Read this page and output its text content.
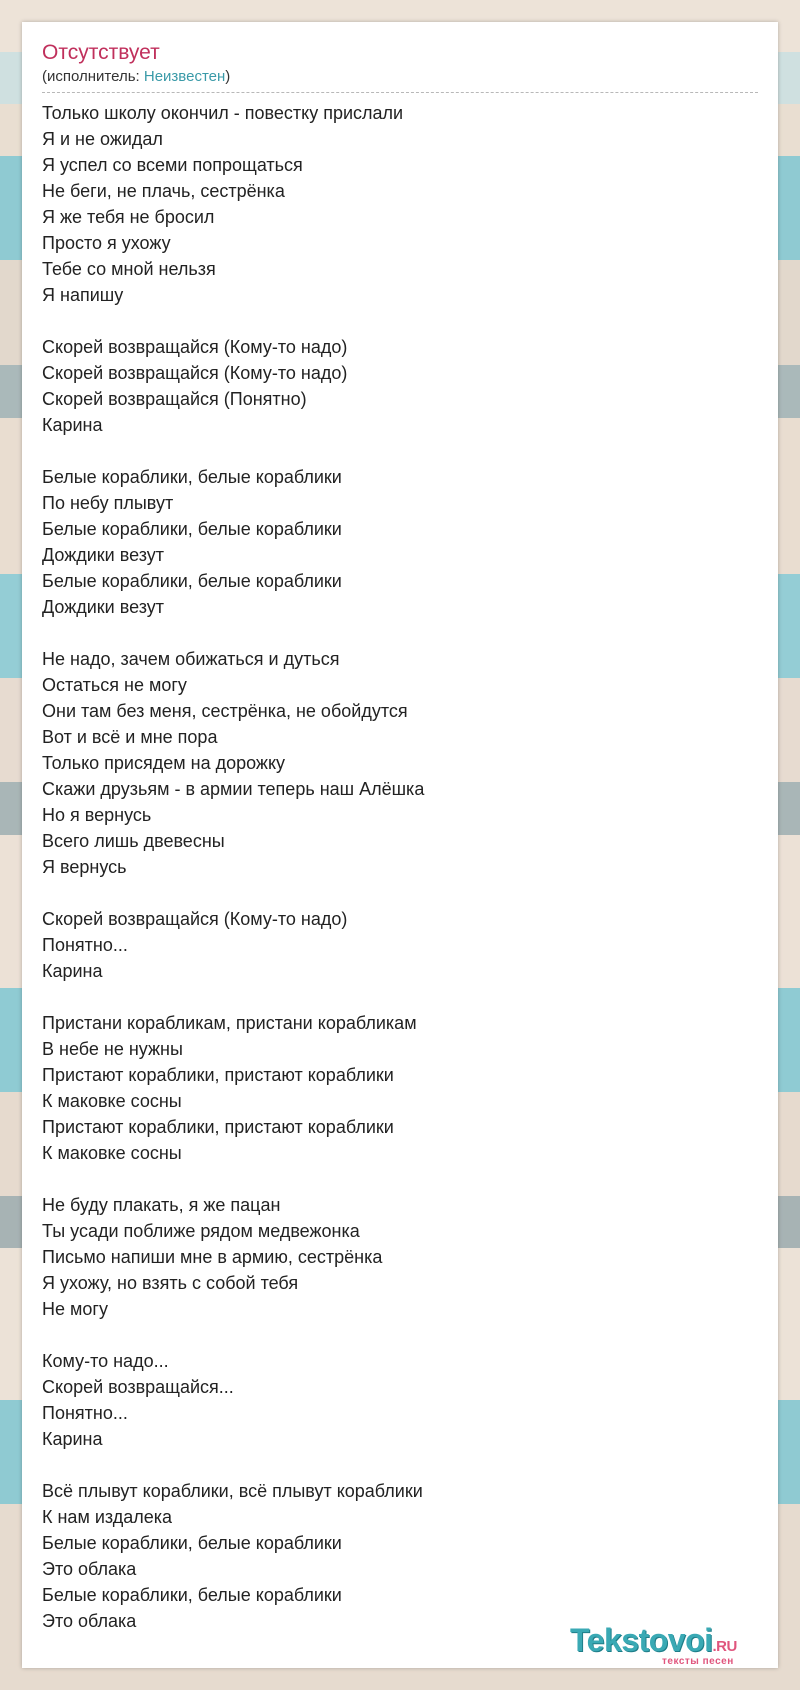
Отсутствует
(исполнитель: Неизвестен)
Только школу окончил - повестку прислали
Я и не ожидал
Я успел со всеми попрощаться
Не беги, не плачь, сестрёнка
Я же тебя не бросил
Просто я ухожу
Тебе со мной нельзя
Я напишу
Скорей возвращайся (Кому-то надо)
Скорей возвращайся (Кому-то надо)
Скорей возвращайся (Понятно)
Карина
Белые кораблики, белые кораблики
По небу плывут
Белые кораблики, белые кораблики
Дождики везут
Белые кораблики, белые кораблики
Дождики везут
Не надо, зачем обижаться и дуться
Остаться не могу
Они там без меня, сестрёнка, не обойдутся
Вот и всё и мне пора
Только присядем на дорожку
Скажи друзьям - в армии теперь наш Алёшка
Но я вернусь
Всего лишь двевесны
Я вернусь
Скорей возвращайся (Кому-то надо)
Понятно...
Карина
Пристани корабликам, пристани корабликам
В небе не нужны
Пристают кораблики, пристают кораблики
К маковке сосны
Пристают кораблики, пристают кораблики
К маковке сосны
Не буду плакать, я же пацан
Ты усади поближе рядом медвежонка
Письмо напиши мне в армию, сестрёнка
Я ухожу, но взять с собой тебя
Не могу
Кому-то надо...
Скорей возвращайся...
Понятно...
Карина
Всё плывут кораблики, всё плывут кораблики
К нам издалека
Белые кораблики, белые кораблики
Это облака
Белые кораблики, белые кораблики
Это облака
Tekstovoi.RU
тексты песен
